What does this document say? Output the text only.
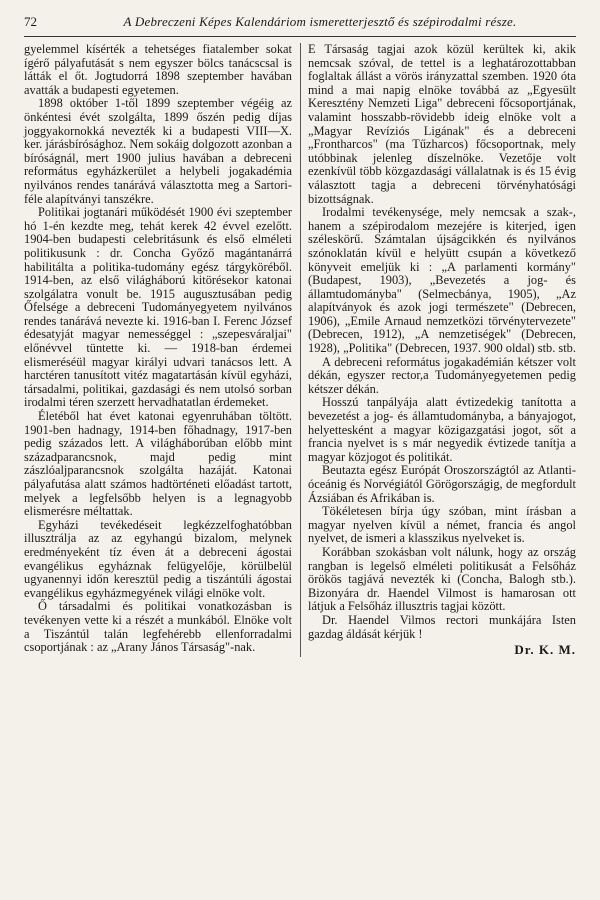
72	A Debreczeni Képes Kalendáriom ismeretterjesztő és szépirodalmi része.

gyelemmel kísérték a tehetséges fiatalember sokat ígérő pályafutását s nem egyszer bölcs tanácscsal is látták el őt. Jogtudorrá 1898 szeptember havában avatták a budapesti egyetemen.

1898 október 1-től 1899 szeptember végéig az önkéntesi évét szolgálta, 1899 őszén pedig díjas joggyakornokká nevezték ki a budapesti VIII—X. ker. járásbírósághoz. Nem sokáig dolgozott azonban a bíróságnál, mert 1900 julius havában a debreceni református egyházkerület a helybeli jogakadémia nyilvános rendes tanárává választotta meg a Sartori-féle alapítványi tanszékre.

Politikai jogtanári működését 1900 évi szeptember hó 1-én kezdte meg, tehát kerek 42 évvel ezelőtt. 1904-ben budapesti celebritásunk és első elméleti politikusunk : dr. Concha Győző magántanárrá habilitálta a politika-tudomány egész tárgyköréből. 1914-ben, az első világháború kitörésekor katonai szolgálatra vonult be. 1915 augusztusában pedig Őfelsége a debreceni Tudományegyetem nyilvános rendes tanárává nevezte ki. 1916-ban I. Ferenc József édesatyját magyar nemességgel : „szepesváraljai" előnévvel tüntette ki. — 1918-ban érdemei elismeréséül magyar királyi udvari tanácsos lett. A harctéren tanusított vitéz magatartásán kívül egyházi, társadalmi, politikai, gazdasági és nem utolsó sorban irodalmi téren szerzett hervadhatatlan érdemeket.

Életéből hat évet katonai egyenruhában töltött. 1901-ben hadnagy, 1914-ben főhadnagy, 1917-ben pedig százados lett. A világháborúban előbb mint századparancsnok, majd pedig mint zászlóaljparancsnok szolgálta hazáját. Katonai pályafutása alatt számos hadtörténeti előadást tartott, melyek a legfelsőbb helyen is a legnagyobb elismerésre méltattak.

Egyházi tevékedéseit legkézzelfoghatóbban illusztrálja az az egyhangú bizalom, melynek eredményeként tíz éven át a debreceni ágostai evangélikus egyháznak felügyelője, körülbelül ugyanennyi időn keresztül pedig a tiszántúli ágostai evangélikus egyházmegyének világi elnöke volt.

Ő társadalmi és politikai vonatkozásban is tevékenyen vette ki a részét a munkából. Elnöke volt a Tiszántúl talán legfehérebb ellenforradalmi csoportjának : az „Arany János Társaság"-nak.

E Társaság tagjai azok közül kerültek ki, akik nemcsak szóval, de tettel is a leghatározottabban foglaltak állást a vörös irányzattal szemben. 1920 óta mind a mai napig elnöke továbbá az „Egyesült Keresztény Nemzeti Liga" debreceni főcsoportjának, valamint hosszabb-rövidebb ideig elnöke volt a „Magyar Revíziós Ligának" és a debreceni „Frontharcos" (ma Tűzharcos) főcsoportnak, mely utóbbinak jelenleg díszelnöke. Vezetője volt ezenkívül több közgazdasági vállalatnak is és 15 évig választott tagja a debreceni törvényhatósági bizottságnak.

Irodalmi tevékenysége, mely nemcsak a szak-, hanem a szépirodalom mezejére is kiterjed, igen széleskörű. Számtalan újságcikkén és nyilvános szónoklatán kívül e helyütt csupán a következő könyveit emeljük ki : „A parlamenti kormány" (Budapest, 1903), „Bevezetés a jog- és államtudományba" (Selmecbánya, 1905), „Az alapítványok és azok jogi természete" (Debrecen, 1906), „Emile Arnaud nemzetközi törvénytervezete" (Debrecen, 1912), „A nemzetiségek" (Debrecen, 1928), „Politika" (Debrecen, 1937. 900 oldal) stb. stb.

A debreceni református jogakadémián kétszer volt dékán, egyszer rector,a Tudományegyetemen pedig kétszer dékán.

Hosszú tanpályája alatt évtizedekig tanította a bevezetést a jog- és államtudományba, a bányajogot, helyettesként a magyar közigazgatási jogot, sőt a francia nyelvet is s már negyedik évtizede tanítja a magyar közjogot és politikát.

Beutazta egész Európát Oroszországtól az Atlanti-óceánig és Norvégiától Görögországig, de megfordult Ázsiában és Afrikában is.

Tökéletesen bírja úgy szóban, mint írásban a magyar nyelven kívül a német, francia és angol nyelvet, de ismeri a klasszikus nyelveket is.

Korábban szokásban volt nálunk, hogy az ország rangban is legelső elméleti politikusát a Felsőház örökös tagjává nevezték ki (Concha, Balogh stb.). Bizonyára dr. Haendel Vilmost is hamarosan ott látjuk a Felsőház illusztris tagjai között.

Dr. Haendel Vilmos rectori munkájára Isten gazdag áldását kérjük !

Dr. K. M.
